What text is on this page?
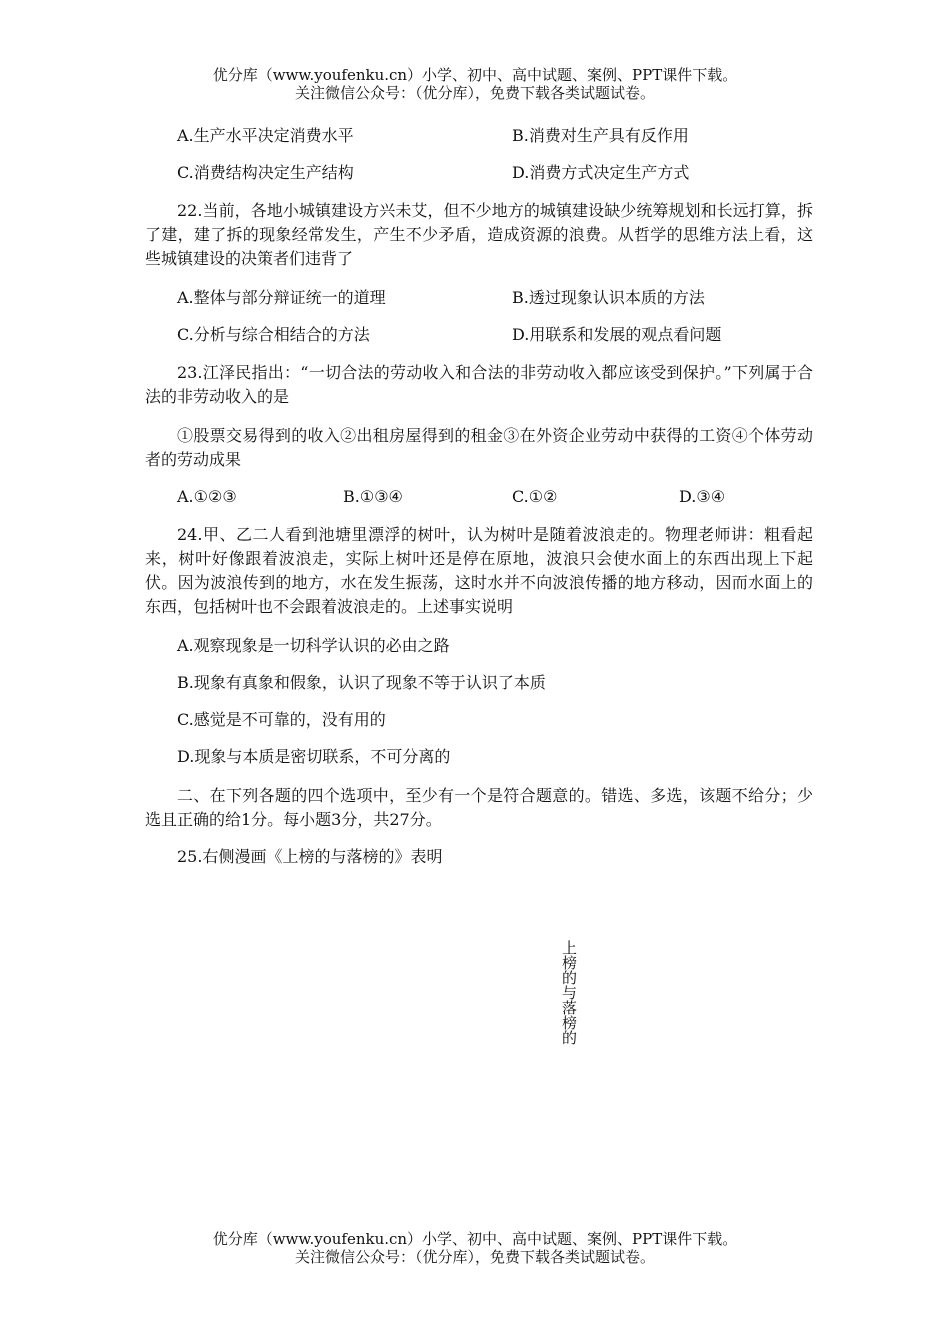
优分库（www.youfenku.cn）小学、初中、高中试题、案例、PPT课件下载。
关注微信公众号：（优分库），免费下载各类试题试卷。
A.生产水平决定消费水平	B.消费对生产具有反作用
C.消费结构决定生产结构	D.消费方式决定生产方式
22.当前，各地小城镇建设方兴未艾，但不少地方的城镇建设缺少统筹规划和长远打算，拆了建，建了拆的现象经常发生，产生不少矛盾，造成资源的浪费。从哲学的思维方法上看，这些城镇建设的决策者们违背了
A.整体与部分辩证统一的道理	B.透过现象认识本质的方法
C.分析与综合相结合的方法	D.用联系和发展的观点看问题
23.江泽民指出：“一切合法的劳动收入和合法的非劳动收入都应该受到保护。”下列属于合法的非劳动收入的是
①股票交易得到的收入②出租房屋得到的租金③在外资企业劳动中获得的工资④个体劳动者的劳动成果
A.①②③	B.①③④	C.①②	D.③④
24.甲、乙二人看到池塘里漂浮的树叶，认为树叶是随着波浪走的。物理老师讲：粗看起来，树叶好像跟着波浪走，实际上树叶还是停在原地，波浪只会使水面上的东西出现上下起伏。因为波浪传到的地方，水在发生振荡，这时水并不向波浪传播的地方移动，因而水面上的东西，包括树叶也不会跟着波浪走的。上述事实说明
A.观察现象是一切科学认识的必由之路
B.现象有真象和假象，认识了现象不等于认识了本质
C.感觉是不可靠的，没有用的
D.现象与本质是密切联系，不可分离的
二、在下列各题的四个选项中，至少有一个是符合题意的。错选、多选，该题不给分；少选且正确的给1分。每小题3分，共27分。
25.右侧漫画《上榜的与落榜的》表明
上榜的与落榜的
优分库（www.youfenku.cn）小学、初中、高中试题、案例、PPT课件下载。
关注微信公众号：（优分库），免费下载各类试题试卷。
